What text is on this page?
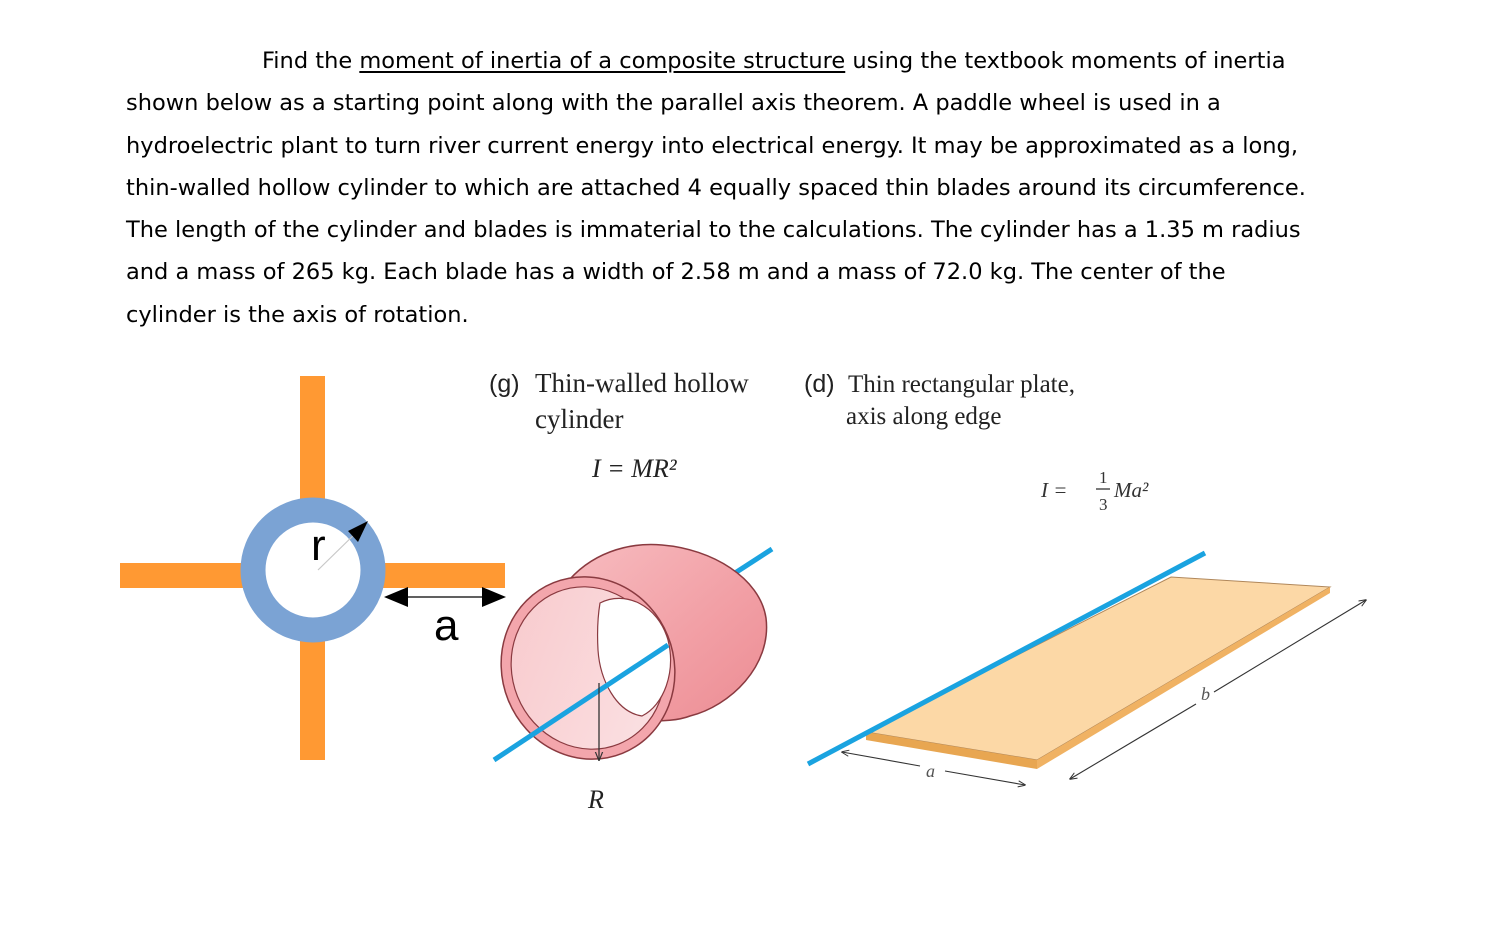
Find the moment of inertia of a composite structure using the textbook moments of inertia
shown below as a starting point along with the parallel axis theorem. A paddle wheel is used in a
hydroelectric plant to turn river current energy into electrical energy. It may be approximated as a long,
thin-walled hollow cylinder to which are attached 4 equally spaced thin blades around its circumference.
The length of the cylinder and blades is immaterial to the calculations. The cylinder has a 1.35 m radius
and a mass of 265 kg. Each blade has a width of 2.58 m and a mass of 72.0 kg. The center of the
cylinder is the axis of rotation.
r
a
(g) Thin-walled hollow
cylinder
I = MR²
R
(d) Thin rectangular plate,
axis along edge
I =
1
3
Ma²
a
b
